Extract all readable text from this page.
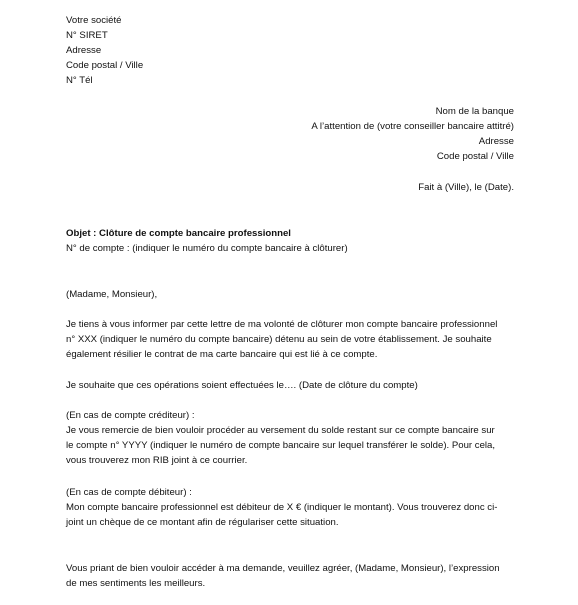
Votre société
N° SIRET
Adresse
Code postal / Ville
N° Tél
Nom de la banque
A l’attention de (votre conseiller bancaire attitré)
Adresse
Code postal / Ville
Fait à (Ville), le (Date).
Objet : Clôture de compte bancaire professionnel
N° de compte : (indiquer le numéro du compte bancaire à clôturer)
(Madame, Monsieur),
Je tiens à vous informer par cette lettre de ma volonté de clôturer mon compte bancaire professionnel
n° XXX (indiquer le numéro du compte bancaire) détenu au sein de votre établissement. Je souhaite
également résilier le contrat de ma carte bancaire qui est lié à ce compte.
Je souhaite que ces opérations soient effectuées le…. (Date de clôture du compte)
(En cas de compte créditeur) :
Je vous remercie de bien vouloir procéder au versement du solde restant sur ce compte bancaire sur
le compte n° YYYY (indiquer le numéro de compte bancaire sur lequel transférer le solde). Pour cela,
vous trouverez mon RIB joint à ce courrier.
(En cas de compte débiteur) :
Mon compte bancaire professionnel est débiteur de X € (indiquer le montant). Vous trouverez donc ci-
joint un chèque de ce montant afin de régulariser cette situation.
Vous priant de bien vouloir accéder à ma demande, veuillez agréer, (Madame, Monsieur), l’expression
de mes sentiments les meilleurs.
